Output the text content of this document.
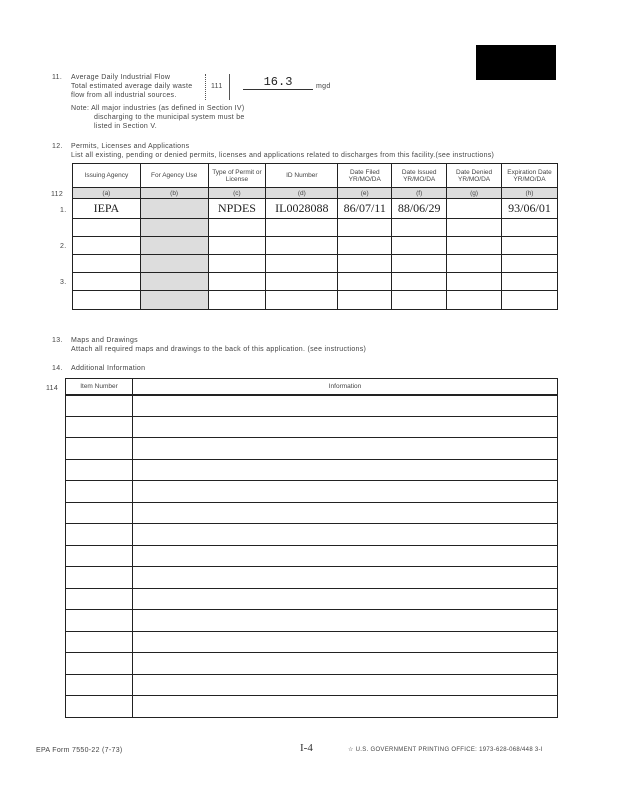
11. Average Daily Industrial Flow
Total estimated average daily waste
flow from all industrial sources.
111	16.3	mgd
Note: All major industries (as defined in Section IV)
discharging to the municipal system must be
listed in Section V.
12. Permits, Licenses and Applications
List all existing, pending or denied permits, licenses and applications related to discharges from this facility.(see instructions)
112
1.
2.
3.
Issuing Agency	For Agency Use	Type of Permit or License	ID Number	Date Filed YR/MO/DA	Date Issued YR/MO/DA	Date Denied YR/MO/DA	Expiration Date YR/MO/DA
(a)	(b)	(c)	(d)	(e)	(f)	(g)	(h)
IEPA		NPDES	IL0028088	86/07/11	88/06/29		93/06/01

13. Maps and Drawings
Attach all required maps and drawings to the back of this application. (see instructions)
14. Additional Information
114	Item Number	Information

EPA Form 7550-22 (7-73)	I-4	☆ U.S. GOVERNMENT PRINTING OFFICE: 1973-628-068/448 3-I
